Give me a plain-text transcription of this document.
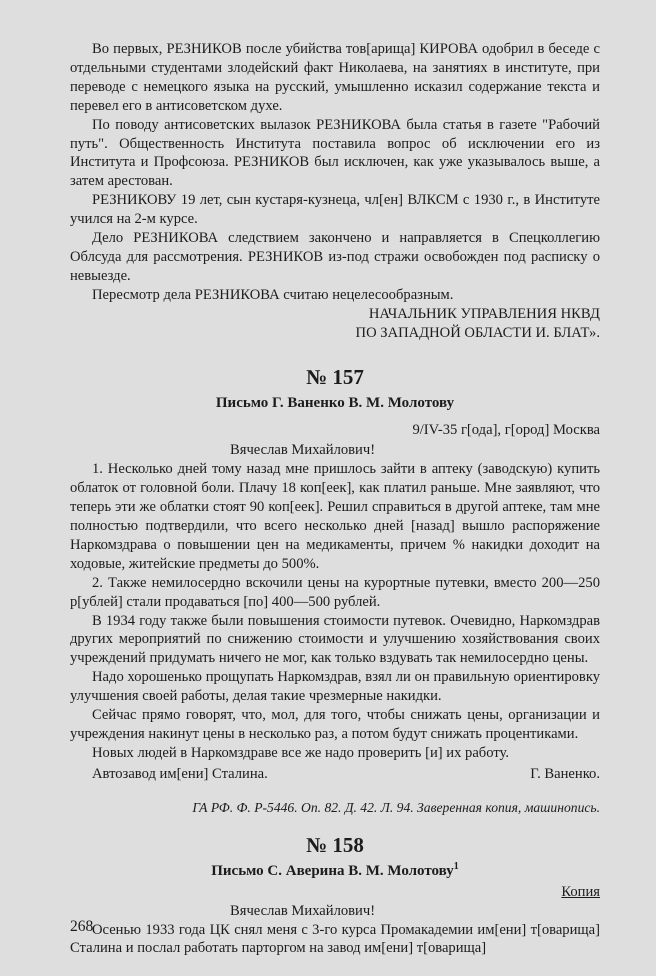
Во первых, РЕЗНИКОВ после убийства тов[арища] КИРОВА одобрил в беседе с отдельными студентами злодейский факт Николаева, на занятиях в институте, при переводе с немецкого языка на русский, умышленно исказил содержание текста и перевел его в антисоветском духе.

По поводу антисоветских вылазок РЕЗНИКОВА была статья в газете "Рабочий путь". Общественность Института поставила вопрос об исключении его из Института и Профсоюза. РЕЗНИКОВ был исключен, как уже указывалось выше, а затем арестован.

РЕЗНИКОВУ 19 лет, сын кустаря-кузнеца, чл[ен] ВЛКСМ с 1930 г., в Институте учился на 2-м курсе.

Дело РЕЗНИКОВА следствием закончено и направляется в Спецколлегию Облсуда для рассмотрения. РЕЗНИКОВ из-под стражи освобожден под расписку о невыезде.

Пересмотр дела РЕЗНИКОВА считаю нецелесообразным.

НАЧАЛЬНИК УПРАВЛЕНИЯ НКВД
ПО ЗАПАДНОЙ ОБЛАСТИ И. БЛАТ».
№ 157
Письмо Г. Ваненко В. М. Молотову

9/IV-35 г[ода], г[ород] Москва

Вячеслав Михайлович!

1. Несколько дней тому назад мне пришлось зайти в аптеку (заводскую) купить облаток от головной боли. Плачу 18 коп[еек], как платил раньше. Мне заявляют, что теперь эти же облатки стоят 90 коп[еек]. Решил справиться в другой аптеке, там мне полностью подтвердили, что всего несколько дней [назад] вышло распоряжение Наркомздрава о повышении цен на медикаменты, причем % накидки доходит на ходовые, житейские предметы до 500%.

2. Также немилосердно вскочили цены на курортные путевки, вместо 200—250 р[ублей] стали продаваться [по] 400—500 рублей.

В 1934 году также были повышения стоимости путевок. Очевидно, Наркомздрав других мероприятий по снижению стоимости и улучшению хозяйствования своих учреждений придумать ничего не мог, как только вздувать так немилосердно цены.

Надо хорошенько прощупать Наркомздрав, взял ли он правильную ориентировку улучшения своей работы, делая такие чрезмерные накидки.

Сейчас прямо говорят, что, мол, для того, чтобы снижать цены, организации и учреждения накинут цены в несколько раз, а потом будут снижать процентиками.

Новых людей в Наркомздраве все же надо проверить [и] их работу.

Автозавод им[ени] Сталина.	Г. Ваненко.

ГА РФ. Ф. Р-5446. Оп. 82. Д. 42. Л. 94. Заверенная копия, машинопись.

№ 158
Письмо С. Аверина В. М. Молотову$^1$

Копия

Вячеслав Михайлович!

Осенью 1933 года ЦК снял меня с 3-го курса Промакадемии им[ени] т[оварища] Сталина и послал работать парторгом на завод им[ени] т[оварища]

268
